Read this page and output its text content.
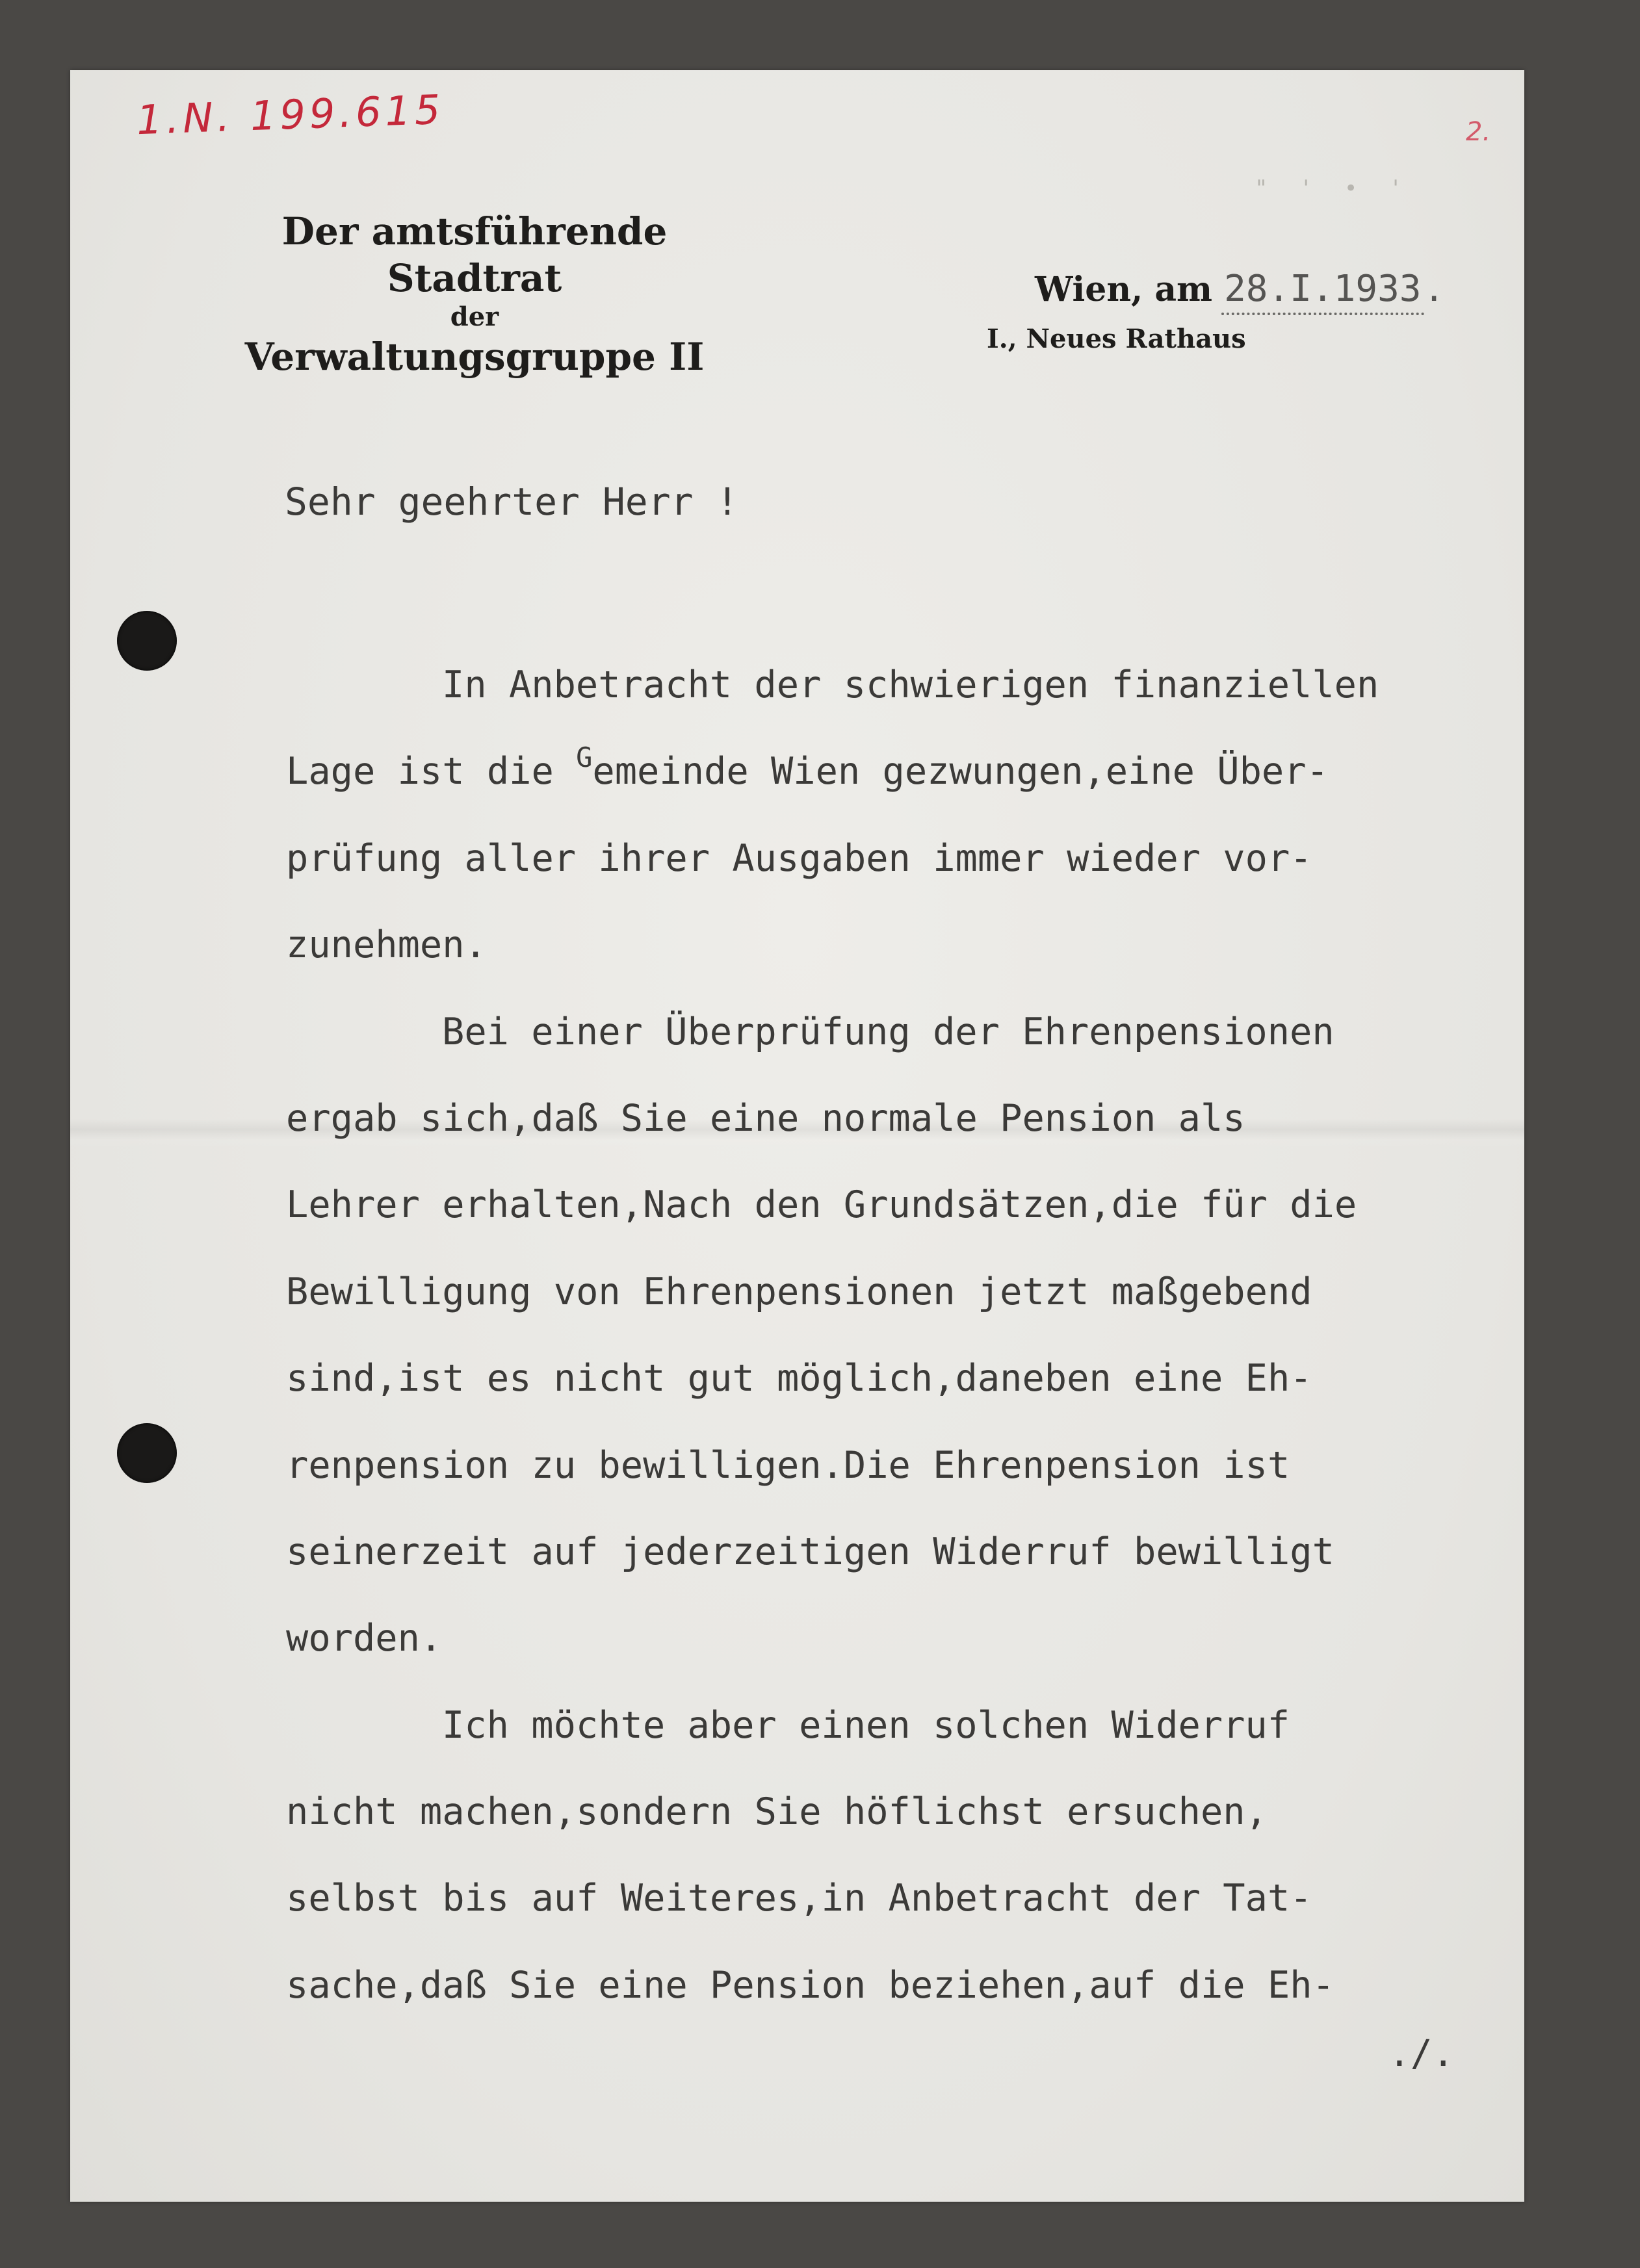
1.N. 199.615	2.
" ' • '
Der amtsführende Stadtrat
der
Verwaltungsgruppe II
Wien, am 28.I.1933.
I., Neues Rathaus
Sehr geehrter Herr !
In Anbetracht der schwierigen finanziellen
Lage ist die $^G$emeinde Wien gezwungen,eine Über-
prüfung aller ihrer Ausgaben immer wieder vor-
zunehmen.
Bei einer Überprüfung der Ehrenpensionen
ergab sich,daß Sie eine normale Pension als
Lehrer erhalten,Nach den Grundsätzen,die für die
Bewilligung von Ehrenpensionen jetzt maßgebend
sind,ist es nicht gut möglich,daneben eine Eh-
renpension zu bewilligen.Die Ehrenpension ist
seinerzeit auf jederzeitigen Widerruf bewilligt
worden.
Ich möchte aber einen solchen Widerruf
nicht machen,sondern Sie höflichst ersuchen,
selbst bis auf Weiteres,in Anbetracht der Tat-
sache,daß Sie eine Pension beziehen,auf die Eh-
./.
